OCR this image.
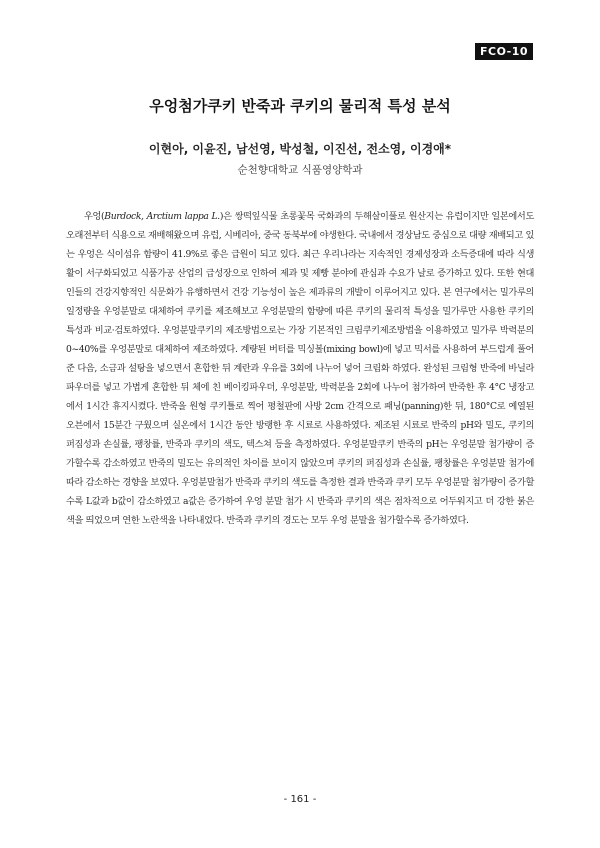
FCO-10
우엉첨가쿠키 반죽과 쿠키의 물리적 특성 분석
이현아, 이윤진, 남선영, 박성철, 이진선, 전소영, 이경애*
순천향대학교 식품영양학과

우엉(Burdock, Arctium lappa L.)은 쌍떡잎식물 초롱꽃목 국화과의 두해살이풀로 원산지는 유럽이지만 일본에서도 오래전부터 식용으로 재배해왔으며 유럽, 시베리아, 중국 동북부에 야생한다. 국내에서 경상남도 중심으로 대량 재배되고 있는 우엉은 식이섬유 함량이 41.9%로 좋은 급원이 되고 있다. 최근 우리나라는 지속적인 경제성장과 소득증대에 따라 식생활이 서구화되었고 식품가공 산업의 급성장으로 인하여 제과 및 제빵 분야에 관심과 수요가 날로 증가하고 있다. 또한 현대인들의 건강지향적인 식문화가 유행하면서 건강 기능성이 높은 제과류의 개발이 이루어지고 있다. 본 연구에서는 밀가루의 일정량을 우엉분말로 대체하여 쿠키를 제조해보고 우엉분말의 함량에 따른 쿠키의 물리적 특성을 밀가루만 사용한 쿠키의 특성과 비교·검토하였다. 우엉분말쿠키의 제조방법으로는 가장 기본적인 크림쿠키제조방법을 이용하였고 밀가루 박력분의 0~40%를 우엉분말로 대체하여 제조하였다. 계량된 버터를 믹싱볼(mixing bowl)에 넣고 믹서를 사용하여 부드럽게 풀어준 다음, 소금과 설탕을 넣으면서 혼합한 뒤 계란과 우유를 3회에 나누어 넣어 크림화 하였다. 완성된 크림형 반죽에 바닐라파우더를 넣고 가볍게 혼합한 뒤 체에 친 베이킹파우더, 우엉분말, 박력분을 2회에 나누어 첨가하여 반죽한 후 4°C 냉장고에서 1시간 휴지시켰다. 반죽을 원형 쿠키틀로 찍어 평철판에 사방 2cm 간격으로 패닝(panning)한 뒤, 180°C로 예열된 오븐에서 15분간 구웠으며 실온에서 1시간 동안 방랭한 후 시료로 사용하였다. 제조된 시료로 반죽의 pH와 밀도, 쿠키의 퍼짐성과 손실률, 팽창률, 반죽과 쿠키의 색도, 텍스쳐 등을 측정하였다. 우엉분말쿠키 반죽의 pH는 우엉분말 첨가량이 증가할수록 감소하였고 반죽의 밀도는 유의적인 차이를 보이지 않았으며 쿠키의 퍼짐성과 손실률, 팽창률은 우엉분말 첨가에 따라 감소하는 경향을 보였다. 우엉분말첨가 반죽과 쿠키의 색도를 측정한 결과 반죽과 쿠키 모두 우엉분말 첨가량이 증가할수록 L값과 b값이 감소하였고 a값은 증가하여 우엉 분말 첨가 시 반죽과 쿠키의 색은 점차적으로 어두워지고 더 강한 붉은 색을 띄었으며 연한 노란색을 나타내었다. 반죽과 쿠키의 경도는 모두 우엉 분말을 첨가할수록 증가하였다.

- 161 -
